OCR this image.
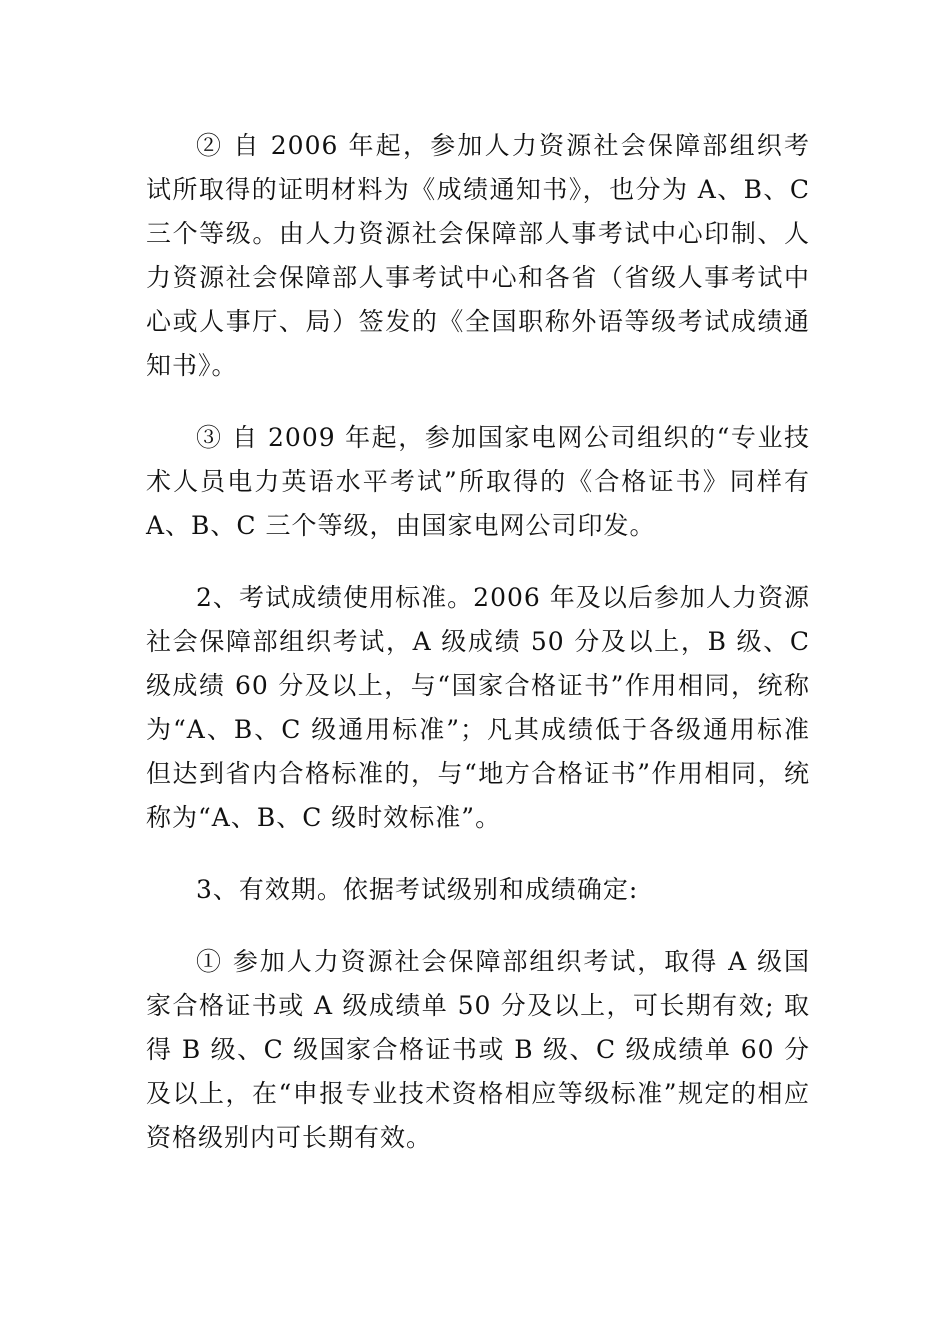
② 自 2006 年起，参加人力资源社会保障部组织考试所取得的证明材料为《成绩通知书》，也分为 A、B、C 三个等级。由人力资源社会保障部人事考试中心印制、人力资源社会保障部人事考试中心和各省（省级人事考试中心或人事厅、局）签发的《全国职称外语等级考试成绩通知书》。

③ 自 2009 年起，参加国家电网公司组织的“专业技术人员电力英语水平考试”所取得的《合格证书》同样有 A、B、C 三个等级，由国家电网公司印发。

2、考试成绩使用标准。2006 年及以后参加人力资源社会保障部组织考试，A 级成绩 50 分及以上，B 级、C 级成绩 60 分及以上，与“国家合格证书”作用相同，统称为“A、B、C 级通用标准”；凡其成绩低于各级通用标准但达到省内合格标准的，与“地方合格证书”作用相同，统称为“A、B、C 级时效标准”。

3、有效期。依据考试级别和成绩确定:

① 参加人力资源社会保障部组织考试，取得 A 级国家合格证书或 A 级成绩单 50 分及以上，可长期有效; 取得 B 级、C 级国家合格证书或 B 级、C 级成绩单 60 分及以上，在“申报专业技术资格相应等级标准”规定的相应资格级别内可长期有效。
